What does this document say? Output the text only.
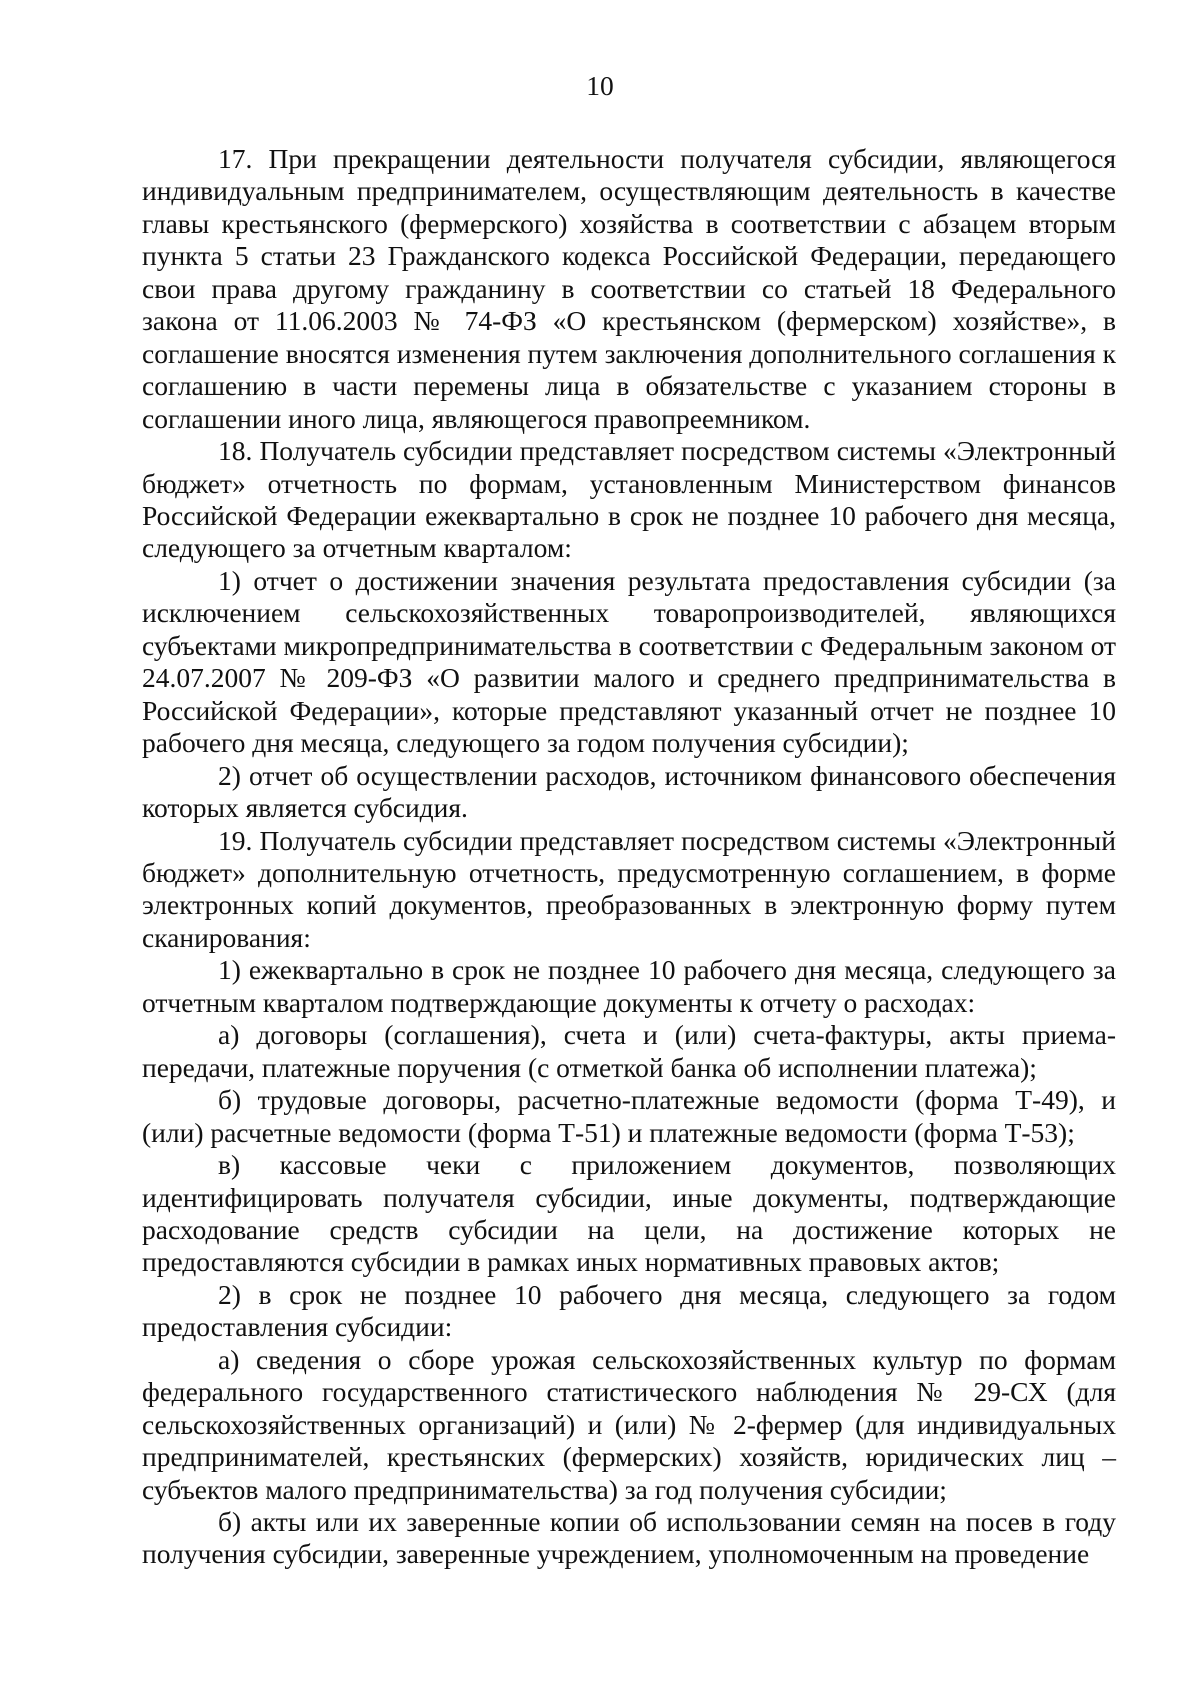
10

17. При прекращении деятельности получателя субсидии, являющегося индивидуальным предпринимателем, осуществляющим деятельность в качестве главы крестьянского (фермерского) хозяйства в соответствии с абзацем вторым пункта 5 статьи 23 Гражданского кодекса Российской Федерации, передающего свои права другому гражданину в соответствии со статьей 18 Федерального закона от 11.06.2003 № 74-ФЗ «О крестьянском (фермерском) хозяйстве», в соглашение вносятся изменения путем заключения дополнительного соглашения к соглашению в части перемены лица в обязательстве с указанием стороны в соглашении иного лица, являющегося правопреемником.

18. Получатель субсидии представляет посредством системы «Электронный бюджет» отчетность по формам, установленным Министерством финансов Российской Федерации ежеквартально в срок не позднее 10 рабочего дня месяца, следующего за отчетным кварталом:

1) отчет о достижении значения результата предоставления субсидии (за исключением сельскохозяйственных товаропроизводителей, являющихся субъектами микропредпринимательства в соответствии с Федеральным законом от 24.07.2007 № 209-ФЗ «О развитии малого и среднего предпринимательства в Российской Федерации», которые представляют указанный отчет не позднее 10 рабочего дня месяца, следующего за годом получения субсидии);

2) отчет об осуществлении расходов, источником финансового обеспечения которых является субсидия.

19. Получатель субсидии представляет посредством системы «Электронный бюджет» дополнительную отчетность, предусмотренную соглашением, в форме электронных копий документов, преобразованных в электронную форму путем сканирования:

1) ежеквартально в срок не позднее 10 рабочего дня месяца, следующего за отчетным кварталом подтверждающие документы к отчету о расходах:

а) договоры (соглашения), счета и (или) счета-фактуры, акты приема-передачи, платежные поручения (с отметкой банка об исполнении платежа);

б) трудовые договоры, расчетно-платежные ведомости (форма Т-49), и (или) расчетные ведомости (форма Т-51) и платежные ведомости (форма Т-53);

в) кассовые чеки с приложением документов, позволяющих идентифицировать получателя субсидии, иные документы, подтверждающие расходование средств субсидии на цели, на достижение которых не предоставляются субсидии в рамках иных нормативных правовых актов;

2) в срок не позднее 10 рабочего дня месяца, следующего за годом предоставления субсидии:

а) сведения о сборе урожая сельскохозяйственных культур по формам федерального государственного статистического наблюдения № 29-СХ (для сельскохозяйственных организаций) и (или) № 2-фермер (для индивидуальных предпринимателей, крестьянских (фермерских) хозяйств, юридических лиц – субъектов малого предпринимательства) за год получения субсидии;

б) акты или их заверенные копии об использовании семян на посев в году получения субсидии, заверенные учреждением, уполномоченным на проведение
